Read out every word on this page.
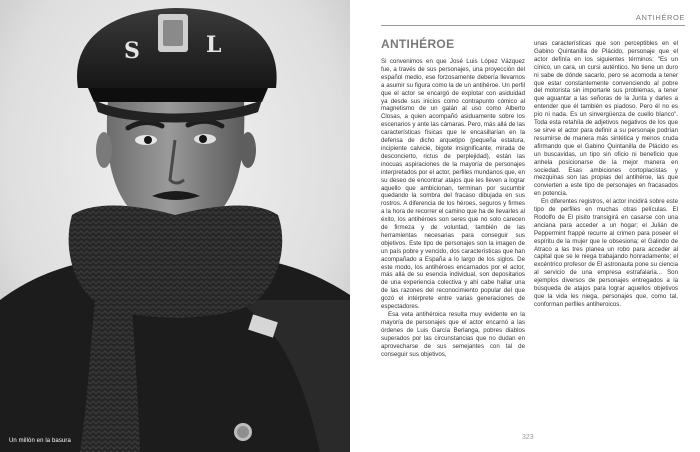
S	L
Un millón en la basura
ANTIHÉROE
ANTIHÉROE

Si convenimos en que José Luis López Vázquez fue, a través de sus personajes, una proyección del español medio, ese forzosamente debería llevarnos a asumir su figura como la de un antihéroe. Un perfil que el actor se encargó de explotar con asiduidad ya desde sus inicios como contrapunto cómico al magnetismo de un galán al uso como Alberto Closas, a quien acompañó asiduamente sobre los escenarios y ante las cámaras. Pero, más allá de las características físicas que le encasillarían en la defensa de dicho arquetipo (pequeña estatura, incipiente calvicie, bigote insignificante, mirada de desconcierto, rictus de perplejidad), están las inocuas aspiraciones de la mayoría de personajes interpretados por el actor, perfiles mundanos que, en su deseo de encontrar atajos que les lleven a lograr aquello que ambicionan, terminan por sucumbir quedando la sombra del fracaso dibujada en sus rostros. A diferencia de los héroes, seguros y firmes a la hora de recorrer el camino que ha de llevarles al éxito, los antihéroes son seres que no solo carecen de firmeza y de voluntad, también de las herramientas necesarias para conseguir sus objetivos. Este tipo de personajes son la imagen de un país pobre y vencido, dos características que han acompañado a España a lo largo de los siglos. De este modo, los antihéroes encarnados por el actor, más allá de su esencia individual, son depositarios de una experiencia colectiva y ahí cabe hallar una de las razones del reconocimiento popular del que gozó el intérprete entre varias generaciones de espectadores.

Esa veta antihéroica resulta muy evidente en la mayoría de personajes que el actor encarnó a las órdenes de Luis García Berlanga, pobres diablos superados por las circunstancias que no dudan en aprovecharse de sus semejantes con tal de conseguir sus objetivos,

unas características que son perceptibles en el Gabino Quintanilla de Plácido, personaje que el actor definía en los siguientes términos: "Es un cínico, un cara, un cursi auténtico. No tiene un duro ni sabe de dónde sacarlo, pero se acomoda a tener que estar constantemente convenciendo al pobre del motorista sin importarle sus problemas, a tener que aguantar a las señoras de la Junta y darles a entender que él también es piadoso. Pero él no es pío ni nada. Es un sinvergüenza de cuello blanco". Toda esta retahíla de adjetivos negativos de los que se sirve el actor para definir a su personaje podrían resumirse de manera más sintética y menos cruda afirmando que el Gabino Quintanilla de Plácido es un buscavidas, un tipo sin oficio ni beneficio que anhela posicionarse de la mejor manera en sociedad. Esas ambiciones cortoplacistas y mezquinas son las propias del antihéroe, las que convierten a este tipo de personajes en fracasados en potencia.

En diferentes registros, el actor incidirá sobre este tipo de perfiles en muchas otras películas. El Rodolfo de El pisito transigirá en casarse con una anciana para acceder a un hogar; el Julián de Peppermint frappé recurre al crimen para poseer el espíritu de la mujer que le obsesiona; el Galindo de Atraco a las tres planea un robo para acceder al capital que se le niega trabajando honradamente; el excéntrico profesor de El astronauta pone su ciencia al servicio de una empresa estrafalaria... Son ejemplos diversos de personajes entregados a la búsqueda de atajos para lograr aquellos objetivos que la vida les niega, personajes que, como tal, conforman perfiles antiheroicos.

323
